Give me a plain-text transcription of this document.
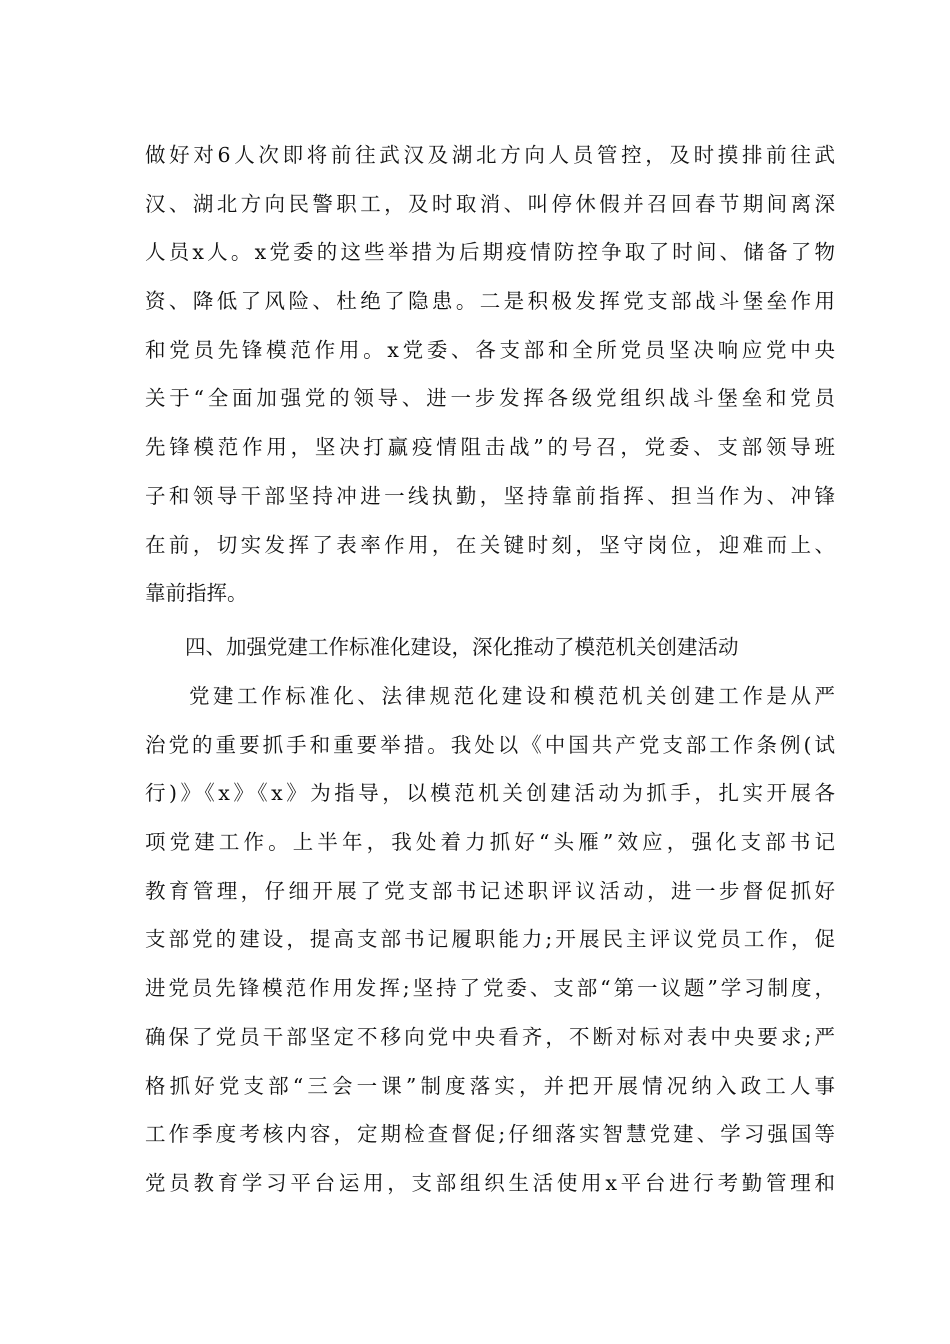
做好对6人次即将前往武汉及湖北方向人员管控，及时摸排前往武
汉、湖北方向民警职工，及时取消、叫停休假并召回春节期间离深
人员x人。x党委的这些举措为后期疫情防控争取了时间、储备了物
资、降低了风险、杜绝了隐患。二是积极发挥党支部战斗堡垒作用
和党员先锋模范作用。x党委、各支部和全所党员坚决响应党中央
关于“全面加强党的领导、进一步发挥各级党组织战斗堡垒和党员
先锋模范作用，坚决打赢疫情阻击战”的号召，党委、支部领导班
子和领导干部坚持冲进一线执勤，坚持靠前指挥、担当作为、冲锋
在前，切实发挥了表率作用，在关键时刻，坚守岗位，迎难而上、
靠前指挥。
四、加强党建工作标准化建设，深化推动了模范机关创建活动
党建工作标准化、法律规范化建设和模范机关创建工作是从严
治党的重要抓手和重要举措。我处以《中国共产党支部工作条例(试
行)》《x》《x》为指导，以模范机关创建活动为抓手，扎实开展各
项党建工作。上半年，我处着力抓好“头雁”效应，强化支部书记
教育管理，仔细开展了党支部书记述职评议活动，进一步督促抓好
支部党的建设，提高支部书记履职能力;开展民主评议党员工作，促
进党员先锋模范作用发挥;坚持了党委、支部“第一议题”学习制度，
确保了党员干部坚定不移向党中央看齐，不断对标对表中央要求;严
格抓好党支部“三会一课”制度落实，并把开展情况纳入政工人事
工作季度考核内容，定期检查督促;仔细落实智慧党建、学习强国等
党员教育学习平台运用，支部组织生活使用x平台进行考勤管理和
